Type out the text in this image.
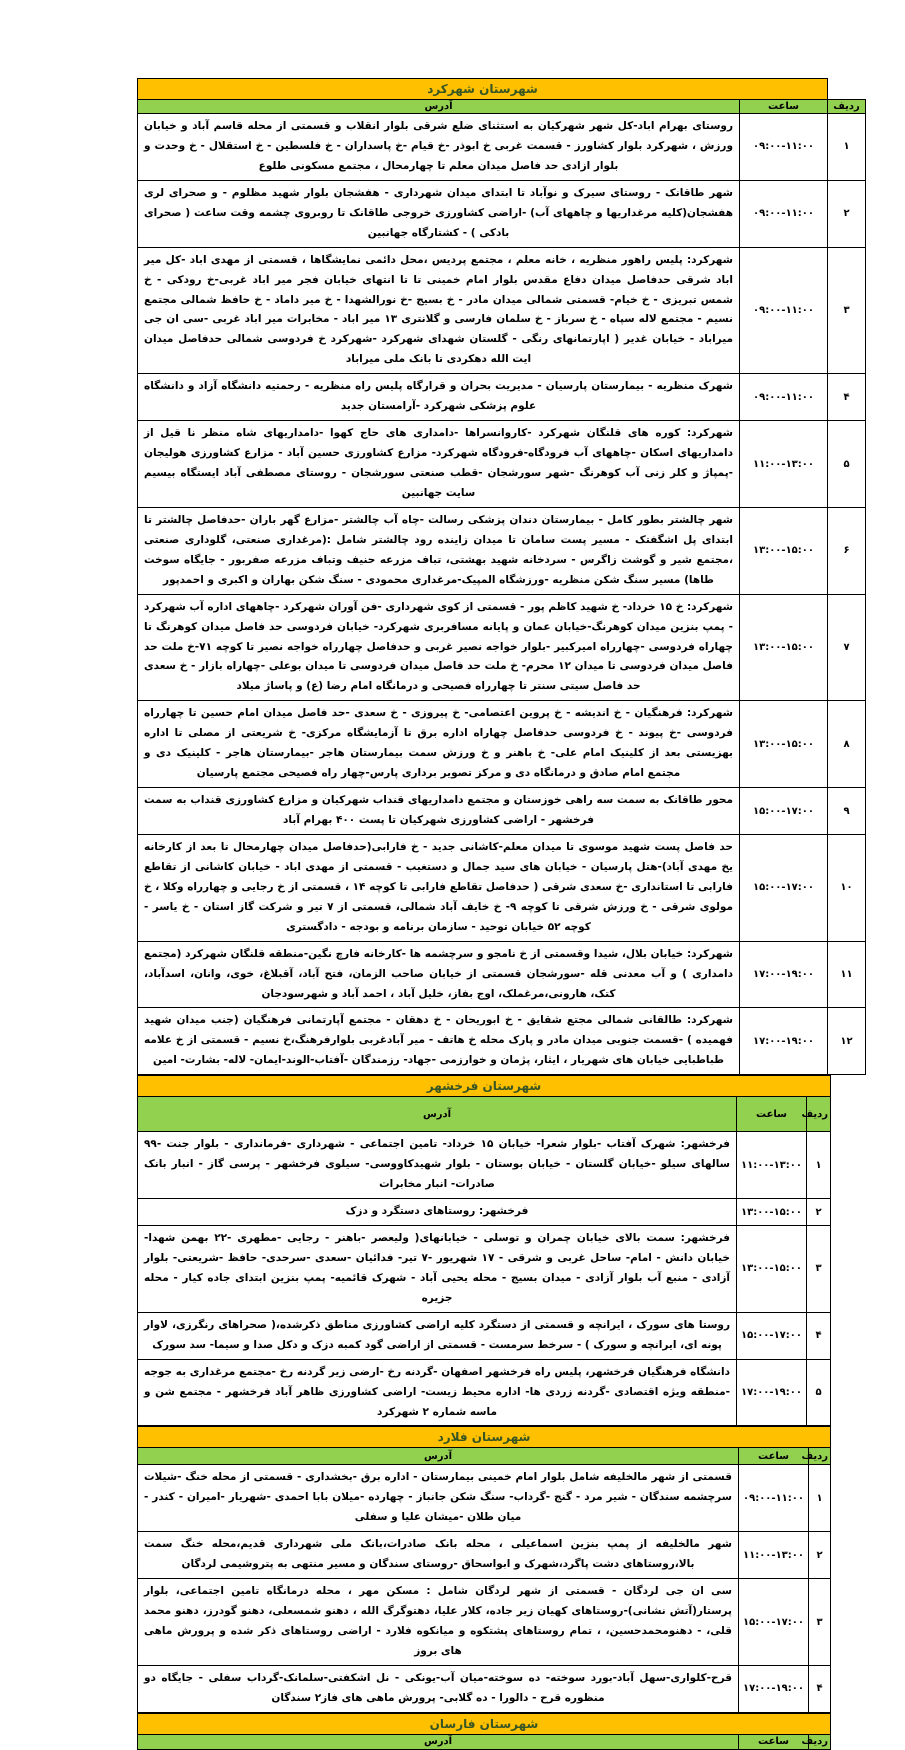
	شهرستان شهرکرد	
ردیف	ساعت	آدرس
۱	۰۹:۰۰-۱۱:۰۰	روستای بهرام اباد-کل شهر شهرکیان به استثنای ضلع شرقی بلوار انقلاب و قسمتی از محله قاسم آباد و خیابان ورزش ، شهرکرد بلوار کشاورز - قسمت غربی خ ابوذر -خ قیام -خ پاسداران - خ فلسطین - خ استقلال - خ وحدت و بلوار ازادی حد فاصل میدان معلم تا چهارمحال ، مجتمع مسکونی طلوع
۲	۰۹:۰۰-۱۱:۰۰	شهر طاقانک - روستای سیرک و نوآباد تا ابتدای میدان شهرداری - هفشجان بلوار شهید مظلوم - و صحرای لری هفشجان(کلیه مرغداریها و چاههای آب) -اراضی کشاورزی خروجی طاقانک تا روبروی چشمه وقت ساعت ( صحرای بادکی ) - کشتارگاه جهانبین
۳	۰۹:۰۰-۱۱:۰۰	شهرکرد: پلیس راهور منظریه ، خانه معلم ، مجتمع پردیس ،محل دائمی نمایشگاها ، قسمتی از مهدی اباد -کل میر اباد شرقی حدفاصل میدان دفاع مقدس بلوار امام خمینی تا تا انتهای خیابان فجر میر اباد غربی-خ رودکی - خ شمس تبریزی - خ خیام- قسمتی شمالی میدان مادر - خ بسیج -خ نورالشهدا - خ میر داماد - خ حافظ شمالی مجتمع نسیم - مجتمع لاله سپاه - خ سرباز - خ سلمان فارسی و گلانتری ۱۳ میر اباد - مخابرات میر اباد غربی -سی ان جی میراباد - خیابان غدیر ( اپارتمانهای رنگی - گلستان شهدای شهرکرد -شهرکرد خ فردوسی شمالی حدفاصل میدان ایت الله دهکردی تا بانک ملی میراباد
۴	۰۹:۰۰-۱۱:۰۰	شهرک منظریه - بیمارستان پارسیان - مدیریت بحران و قرارگاه پلیس راه منظریه - رحمتیه دانشگاه آزاد و دانشگاه علوم پزشکی شهرکرد -آرامستان جدید
۵	۱۱:۰۰-۱۳:۰۰	شهرکرد: کوره های قلنگان شهرکرد -کاروانسراها -دامداری های حاج کهوا -دامداریهای شاه منظر نا قیل از دامداریهای اسکان -چاههای آب فرودگاه-فرودگاه شهرکرد- مزارع کشاورزی حسین آباد - مزارع کشاورزی هولیجان -پمپاژ و کلر زنی آب کوهرنگ -شهر سورشجان -قطب صنعتی سورشجان - روستای مصطفی آباد ایستگاه بیسیم سایت جهانبین
۶	۱۳:۰۰-۱۵:۰۰	شهر چالشتر بطور کامل - بیمارستان دندان پزشکی رسالت -چاه آب چالشتر -مزارع گهر باران -حدفاصل چالشتر تا ابتدای پل اشگفتک - مسیر پست سامان تا میدان زاینده رود چالشتر شامل :(مرغداری صنعتی، گلوداری صنعتی ،مجتمع شیر و گوشت زاگرس - سردخانه شهید بهشتی، تباف مزرعه حنیف وتباف مزرعه صفربور - جایگاه سوخت طاها) مسیر سنگ شکن منظریه -ورزشگاه المپیک-مرغداری محمودی - سنگ شکن بهاران و اکبری و احمدپور
۷	۱۳:۰۰-۱۵:۰۰	شهرکرد: خ ۱۵ خرداد- خ شهید کاظم پور - قسمتی از کوی شهرداری -فن آوران شهرکرد -چاههای اداره آب شهرکرد - پمپ بنزین میدان کوهرنگ-خیابان عمان و پایانه مسافربری شهرکرد- خیابان فردوسی حد فاصل میدان کوهرنگ تا چهاراه فردوسی -چهارراه امیرکبیر -بلوار خواجه نصیر غربی و حدفاصل چهارراه خواجه نصیر تا کوچه ۷۱-خ ملت حد فاصل میدان فردوسی تا میدان ۱۲ محرم- خ ملت حد فاصل میدان فردوسی تا میدان بوعلی -چهاراه بازار - خ سعدی حد فاصل سیتی سنتر تا چهارراه فصیحی و درمانگاه امام رضا (ع) و پاساژ میلاد
۸	۱۳:۰۰-۱۵:۰۰	شهرکرد: فرهنگیان - خ اندیشه - خ پروین اعتصامی- خ پیروزی - خ سعدی -حد فاصل میدان امام حسین تا چهارراه فردوسی -خ پیوند - خ فردوسی حدفاصل چهاراه اداره برق تا آزمایشگاه مرکزی- خ شریعتی از مصلی تا اداره بهزیستی بعد از کلینیک امام علی- خ باهنر و خ ورزش سمت بیمارستان هاجر -بیمارستان هاجر - کلینیک دی و مجتمع امام صادق و درمانگاه دی و مرکز تصویر برداری پارس-چهار راه فصیحی مجتمع پارسیان
۹	۱۵:۰۰-۱۷:۰۰	محور طاقانک به سمت سه راهی خوزستان و مجتمع دامداریهای قنداب شهرکیان و مزارع کشاورزی قنداب به سمت فرخشهر - اراضی کشاورزی شهرکیان تا پست ۴۰۰ بهرام آباد
۱۰	۱۵:۰۰-۱۷:۰۰	حد فاصل پست شهید موسوی تا میدان معلم-کاشانی جدید - خ فارابی(حدفاصل میدان چهارمحال تا بعد از کارخانه یخ مهدی آباد)-هتل پارسیان - خیابان های سید جمال و دستغیب - قسمتی از مهدی اباد - خیابان کاشانی از تقاطع فارابی تا استانداری -خ سعدی شرقی ( حدفاصل تقاطع فارابی تا کوچه ۱۴ ، قسمتی از خ رجایی و چهارراه وکلا ، خ مولوی شرقی - خ ورزش شرقی تا کوچه ۹- خ خایف آباد شمالی، قسمتی از ۷ تیر و شرکت گاز استان - خ یاسر - کوچه ۵۲ خیابان توحید - سازمان برنامه و بودجه - دادگستری
۱۱	۱۷:۰۰-۱۹:۰۰	شهرکرد: خیابان بلال، شیدا وقسمتی از خ نامجو و سرچشمه ها -کارخانه فارچ نگین-منطقه قلنگان شهرکرد (مجتمع دامداری ) و آب معدنی قله -سورشجان قسمتی از خیابان صاحب الزمان، فتح آباد، آقبلاغ، خوی، وانان، اسدآباد، کتک، هارونی،مرغملک، اوج بفاز، خلیل آباد ، احمد آباد و شهرسودجان
۱۲	۱۷:۰۰-۱۹:۰۰	شهرکرد: طالقانی شمالی مجتع شقایق - خ ابوریحان - خ دهقان - مجتمع آپارتمانی فرهنگیان (جنب میدان شهید فهمیده ) -قسمت جنوبی میدان مادر و پارک محله خ هاتف - میر آبادغربی بلوارفرهنگ،خ نسیم - قسمتی از خ علامه طباطبایی خیابان های شهریار ، ایثار، پژمان و خوارزمی -جهاد- رزمندگان -آفتاب-الوند-ایمان- لاله- بشارت- امین
شهرستان فرخشهر		
ردیف	ساعت	آدرس
۱	۱۱:۰۰-۱۳:۰۰	فرخشهر: شهرک آفتاب -بلوار شعرا- خیابان ۱۵ خرداد- تامین اجتماعی - شهرداری -فرمانداری - بلوار جنت -۹۹ سالهای سیلو -خیابان گلستان - خیابان بوستان - بلوار شهیدکاووسی- سیلوی فرخشهر - پرسی گاز - انبار بانک صادرات- انبار مخابرات
۲	۱۳:۰۰-۱۵:۰۰	فرخشهر: روستاهای دستگرد و دزک
۳	۱۳:۰۰-۱۵:۰۰	فرخشهر: سمت بالای خیابان چمران و توسلی - خیابانهای( ولیعصر -باهنر - رجایی -مطهری -۲۲ بهمن شهدا- خیابان دانش - امام- ساحل غربی و شرقی - ۱۷ شهریور -۷ تیر- فدائیان -سعدی -سرحدی- حافظ -شریعتی- بلوار آزادی - منبع آب بلوار آزادی - میدان بسیج - محله یحیی آباد - شهرک قائمیه- پمپ بنزین ابتدای جاده کیار - محله جزیره
۴	۱۵:۰۰-۱۷:۰۰	روستا های سورک ، ایرانچه و قسمتی از دستگرد کلیه اراضی کشاورزی مناطق ذکرشده،( صحراهای رنگرزی، لاوار پونه ای، ایرانچه و سورک ) - سرخط سرمست - قسمتی از اراضی گود کمبه دزک و دکل صدا و سیما- سد سورک
۵	۱۷:۰۰-۱۹:۰۰	دانشگاه فرهنگیان فرخشهر، پلیس راه فرخشهر اصفهان -گردنه رخ -ارضی زیر گردنه رخ -مجتمع مرغداری به جوجه -منطقه ویژه اقتصادی -گردنه زردی ها- اداره محیط زیست- اراضی کشاورزی ظاهر آباد فرخشهر - مجتمع شن و ماسه شماره ۲ شهرکرد
شهرستان فلارد		
ردیف	ساعت	آدرس
۱	۰۹:۰۰-۱۱:۰۰	قسمتی از شهر مالخلیفه شامل بلوار امام خمینی بیمارستان - اداره برق -بخشداری - قسمتی از محله خنگ -شیلات سرچشمه سندگان - شیر مرد - گنج -گرداب- سنگ شکن جانباز - چهارده -میلان بابا احمدی -شهریار -امیران - کندر - میان طلان -میشان علیا و سفلی
۲	۱۱:۰۰-۱۳:۰۰	شهر مالخلیفه از پمپ بنزین اسماعیلی ، محله بانک صادرات،بانک ملی شهرداری قدیم،محله خنگ سمت بالا،روستاهای دشت پاگرد،شهرک و ابواسحاق -روستای سندگان و مسیر منتهی به پتروشیمی لردگان
۳	۱۵:۰۰-۱۷:۰۰	سی ان جی لردگان - قسمتی از شهر لردگان شامل : مسکن مهر ، محله درمانگاه تامین اجتماعی، بلوار پرستار(آتش نشانی)-روستاهای کهیان زیر جاده، کلار علیا، دهتوگرگ الله ، دهنو شمسعلی، دهنو گودرز، دهنو محمد قلی، - دهنومحمدحسین، ، تمام روستاهای پشتکوه و میانکوه فلارد - اراضی روستاهای ذکر شده و پرورش ماهی های بروز
۴	۱۷:۰۰-۱۹:۰۰	قرح-کلواری-سهل آباد-بورد سوخته- ده سوخته-میان آب-یونکی - نل اشکفتی-سلمانک-گرداب سفلی - جایگاه دو منظوره قرح - دالورا - ده گلابی- پرورش ماهی های فاز۲ سندگان
شهرستان فارسان
ردیف	ساعت	آدرس
